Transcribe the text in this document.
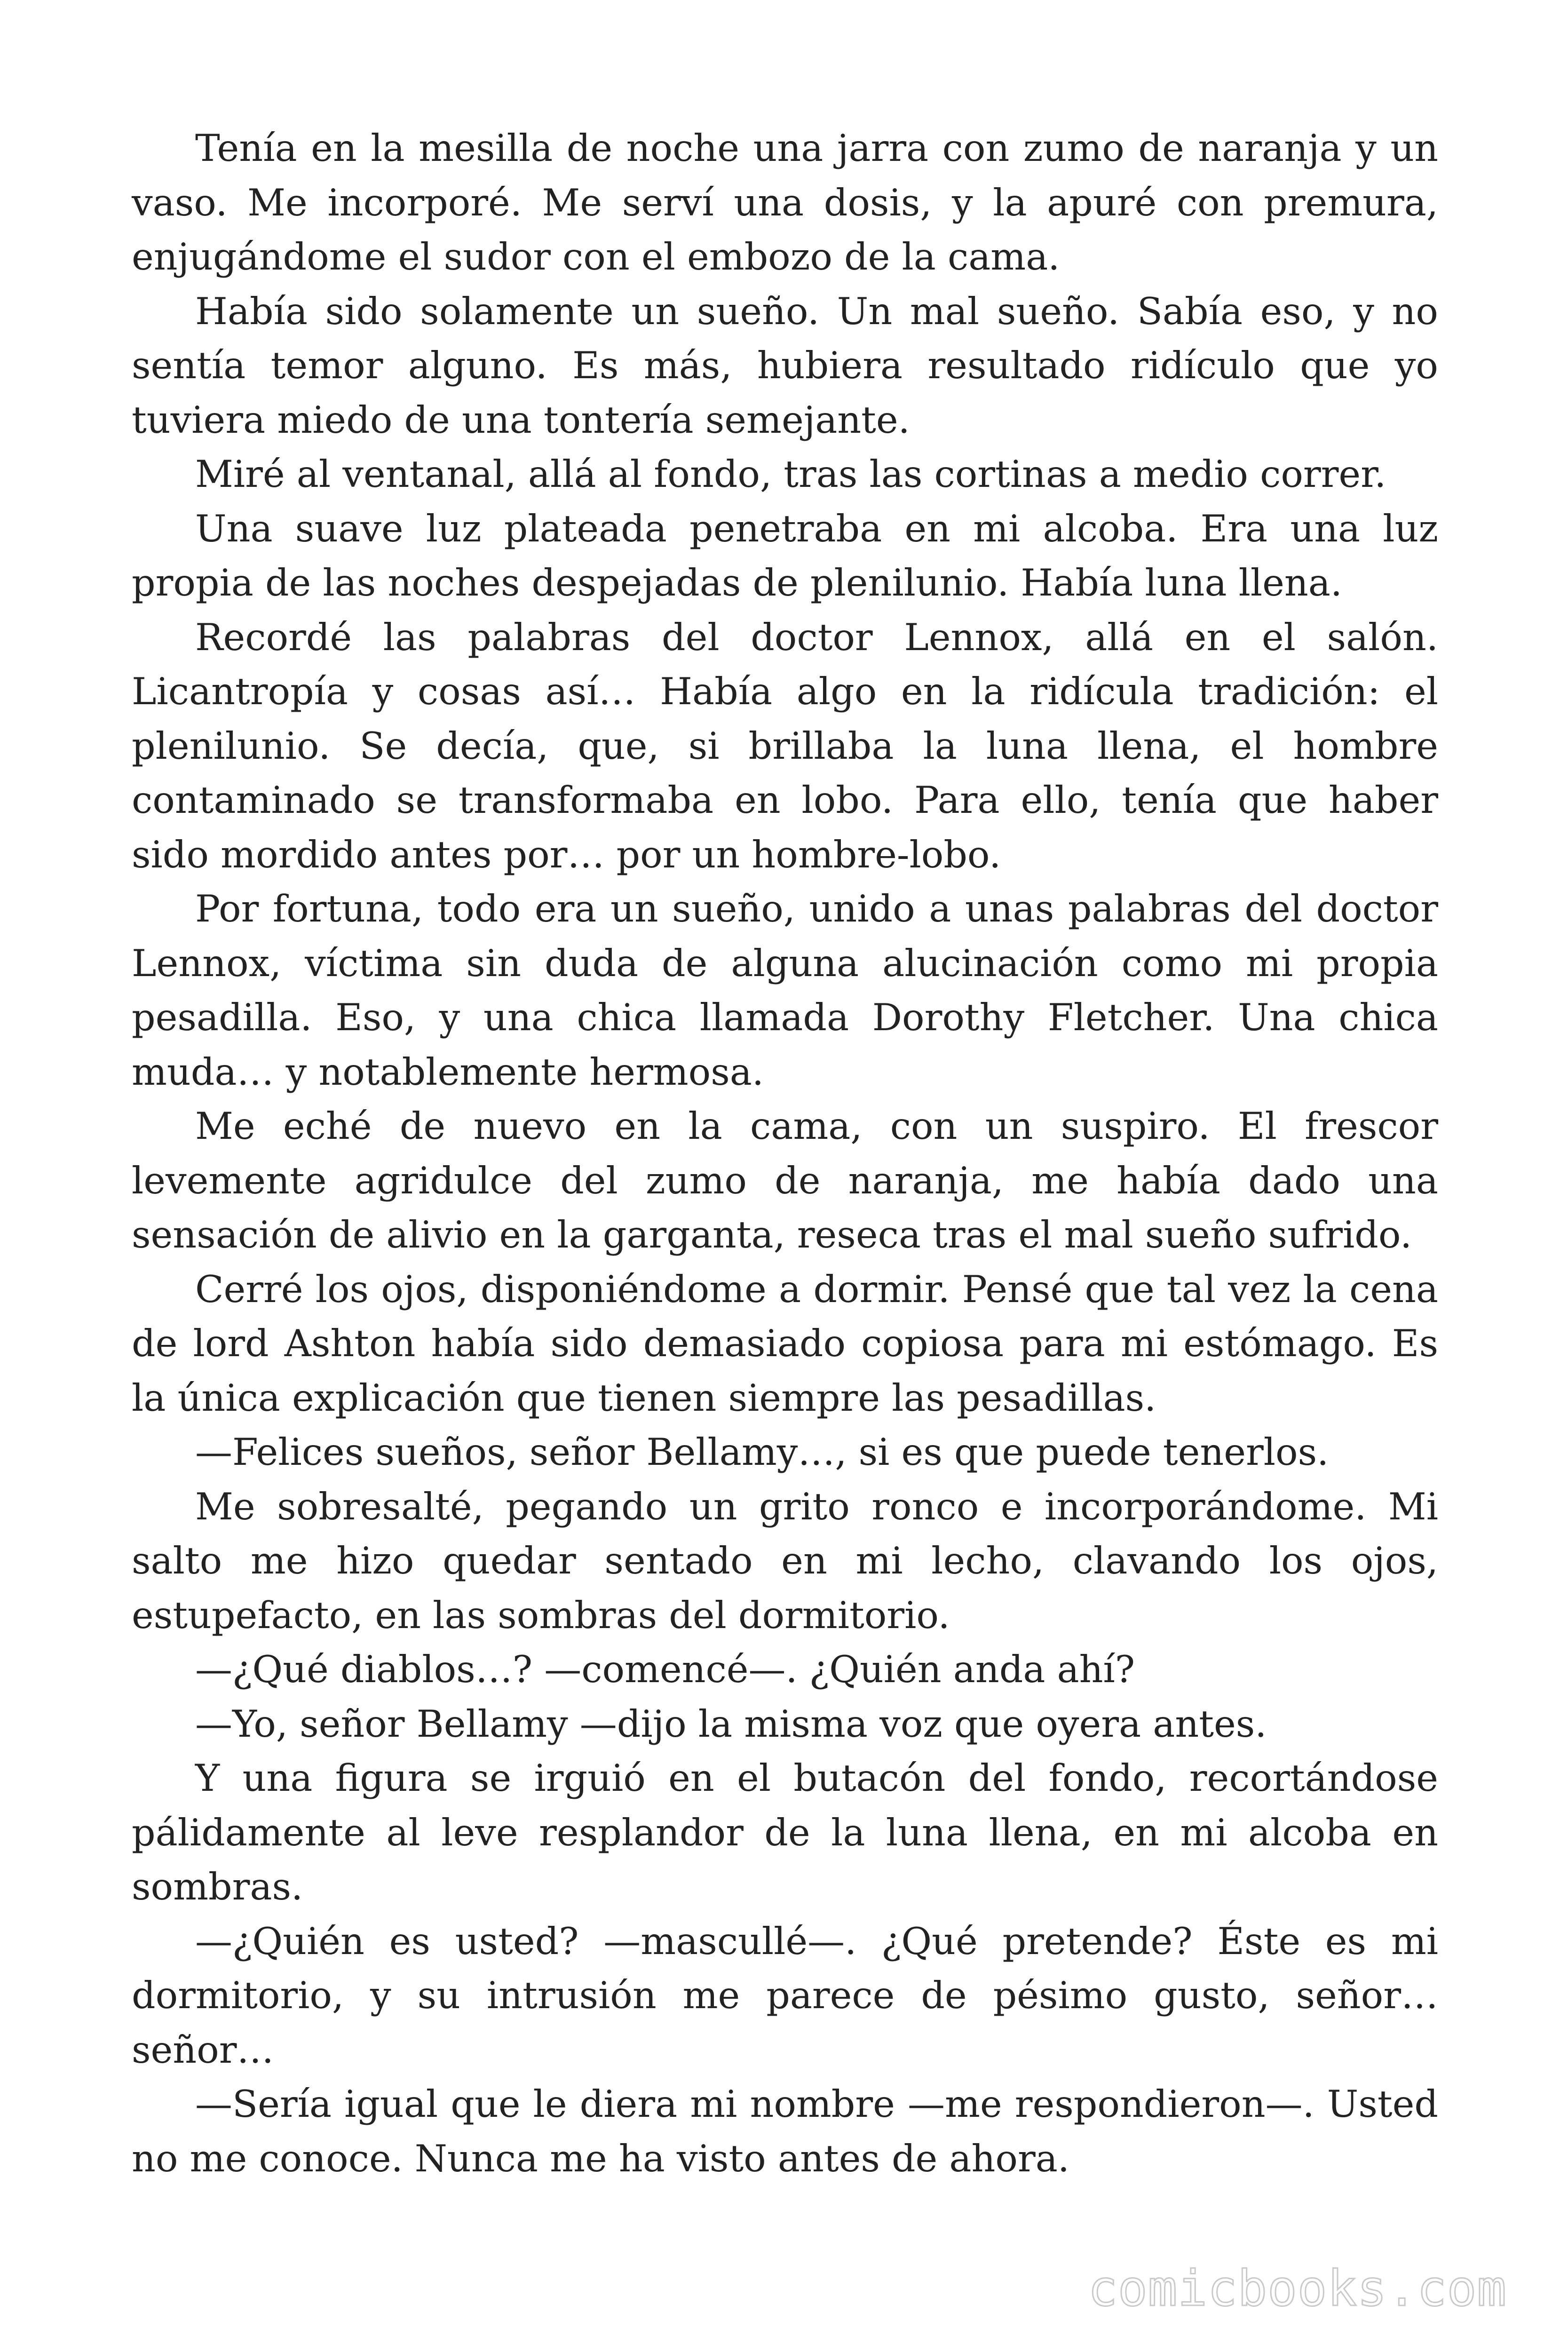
Tenía en la mesilla de noche una jarra con zumo de naranja y un vaso. Me incorporé. Me serví una dosis, y la apuré con premura, enjugándome el sudor con el embozo de la cama.

Había sido solamente un sueño. Un mal sueño. Sabía eso, y no sentía temor alguno. Es más, hubiera resultado ridículo que yo tuviera miedo de una tontería semejante.

Miré al ventanal, allá al fondo, tras las cortinas a medio correr.

Una suave luz plateada penetraba en mi alcoba. Era una luz propia de las noches despejadas de plenilunio. Había luna llena.

Recordé las palabras del doctor Lennox, allá en el salón. Licantropía y cosas así… Había algo en la ridícula tradición: el plenilunio. Se decía, que, si brillaba la luna llena, el hombre contaminado se transformaba en lobo. Para ello, tenía que haber sido mordido antes por… por un hombre-lobo.

Por fortuna, todo era un sueño, unido a unas palabras del doctor Lennox, víctima sin duda de alguna alucinación como mi propia pesadilla. Eso, y una chica llamada Dorothy Fletcher. Una chica muda… y notablemente hermosa.

Me eché de nuevo en la cama, con un suspiro. El frescor levemente agridulce del zumo de naranja, me había dado una sensación de alivio en la garganta, reseca tras el mal sueño sufrido.

Cerré los ojos, disponiéndome a dormir. Pensé que tal vez la cena de lord Ashton había sido demasiado copiosa para mi estómago. Es la única explicación que tienen siempre las pesadillas.

—Felices sueños, señor Bellamy…, si es que puede tenerlos.

Me sobresalté, pegando un grito ronco e incorporándome. Mi salto me hizo quedar sentado en mi lecho, clavando los ojos, estupefacto, en las sombras del dormitorio.

—¿Qué diablos…? —comencé—. ¿Quién anda ahí?

—Yo, señor Bellamy —dijo la misma voz que oyera antes.

Y una figura se irguió en el butacón del fondo, recortándose pálidamente al leve resplandor de la luna llena, en mi alcoba en sombras.

—¿Quién es usted? —mascullé—. ¿Qué pretende? Éste es mi dormitorio, y su intrusión me parece de pésimo gusto, señor… señor…

—Sería igual que le diera mi nombre —me respondieron—. Usted no me conoce. Nunca me ha visto antes de ahora.

comicbooks.com
